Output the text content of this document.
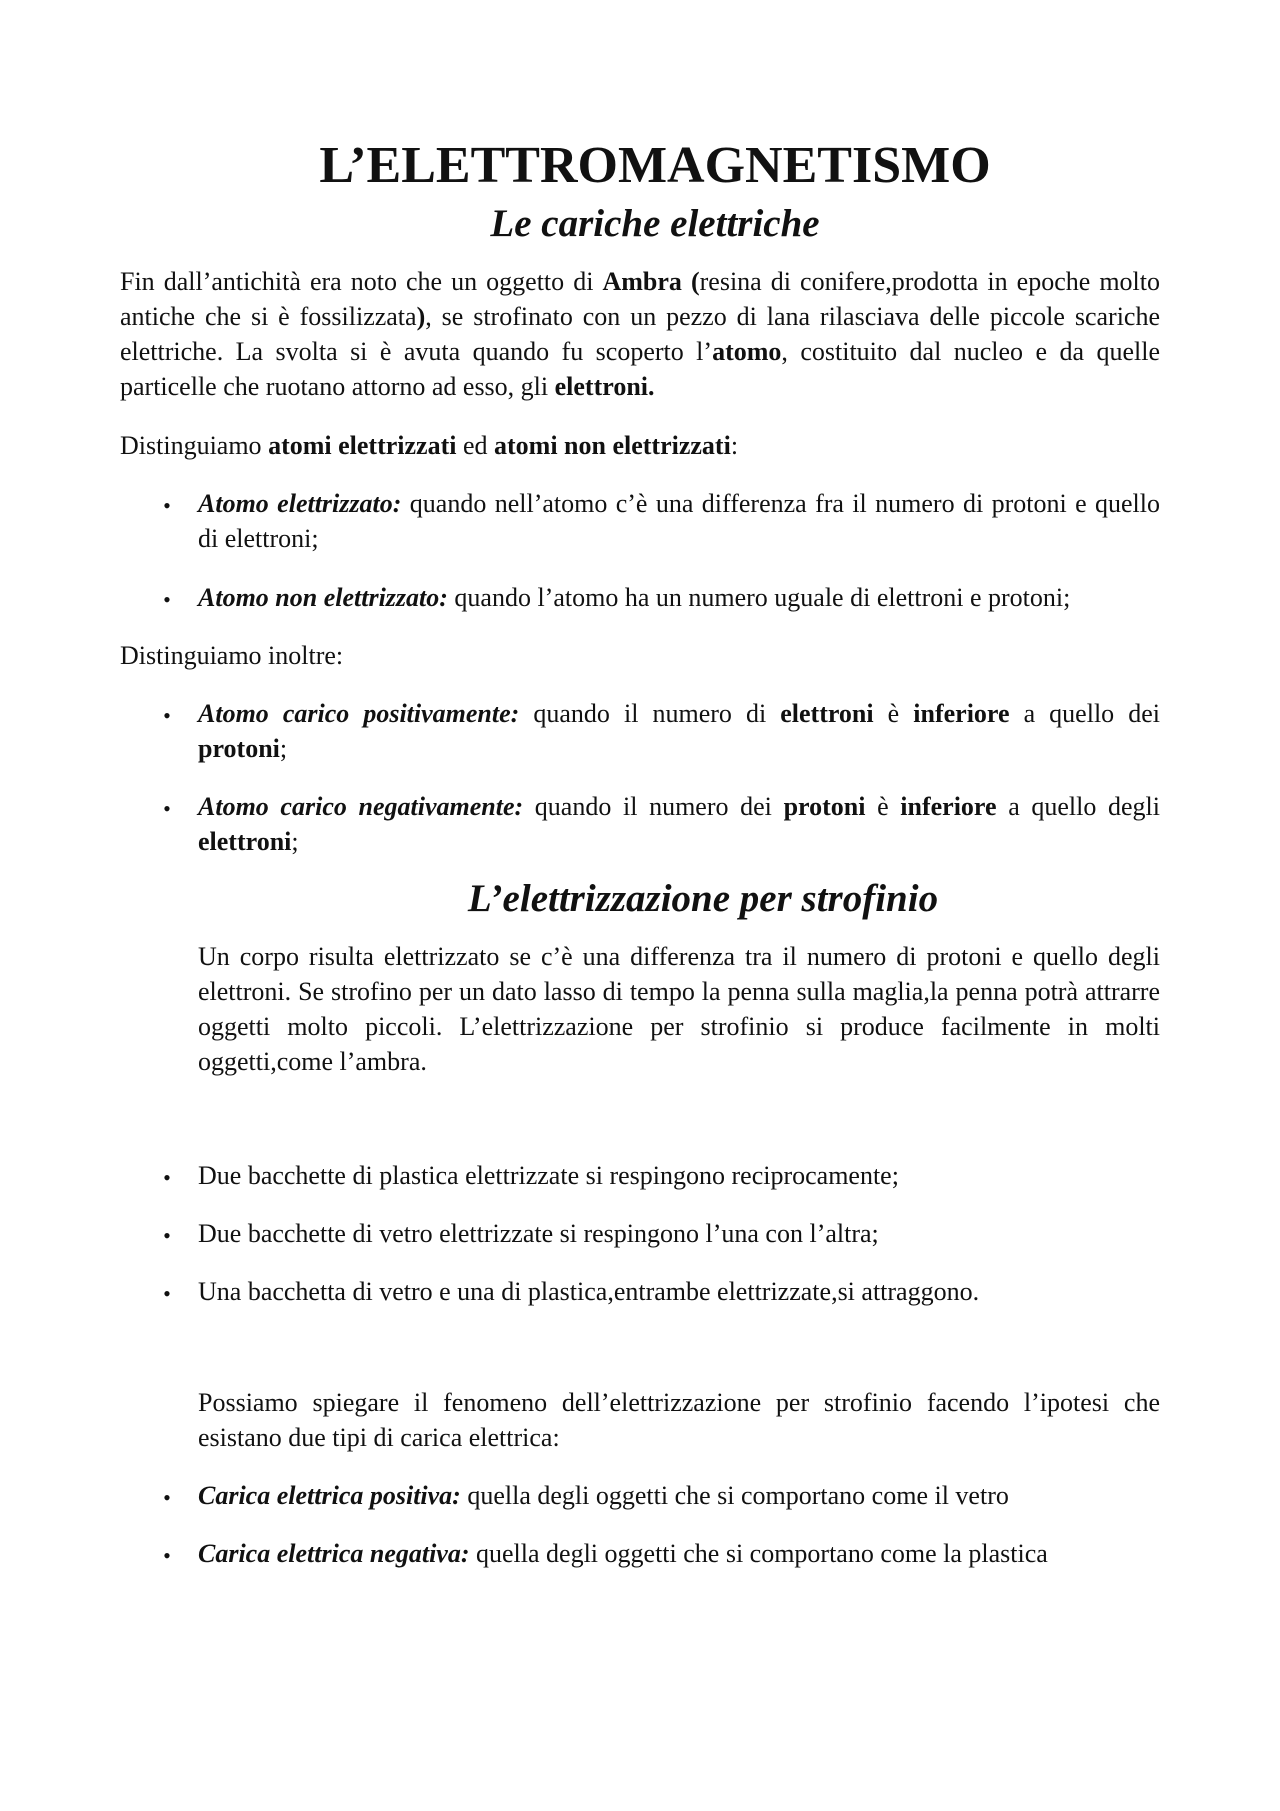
L’ELETTROMAGNETISMO
Le cariche elettriche

Fin dall’antichità era noto che un oggetto di Ambra (resina di conifere,prodotta in epoche molto antiche che si è fossilizzata), se strofinato con un pezzo di lana rilasciava delle piccole scariche elettriche. La svolta si è avuta quando fu scoperto l’atomo, costituito dal nucleo e da quelle particelle che ruotano attorno ad esso, gli elettroni.

Distinguiamo atomi elettrizzati ed atomi non elettrizzati:

• Atomo elettrizzato: quando nell’atomo c’è una differenza fra il numero di protoni e quello di elettroni;

• Atomo non elettrizzato: quando l’atomo ha un numero uguale di elettroni e protoni;

Distinguiamo inoltre:

• Atomo carico positivamente: quando il numero di elettroni è inferiore a quello dei protoni;

• Atomo carico negativamente: quando il numero dei protoni è inferiore a quello degli elettroni;

L’elettrizzazione per strofinio

Un corpo risulta elettrizzato se c’è una differenza tra il numero di protoni e quello degli elettroni. Se strofino per un dato lasso di tempo la penna sulla maglia,la penna potrà attrarre oggetti molto piccoli. L’elettrizzazione per strofinio si produce facilmente in molti oggetti,come l’ambra.

• Due bacchette di plastica elettrizzate si respingono reciprocamente;

• Due bacchette di vetro elettrizzate si respingono l’una con l’altra;

• Una bacchetta di vetro e una di plastica,entrambe elettrizzate,si attraggono.

Possiamo spiegare il fenomeno dell’elettrizzazione per strofinio facendo l’ipotesi che esistano due tipi di carica elettrica:

• Carica elettrica positiva: quella degli oggetti che si comportano come il vetro

• Carica elettrica negativa: quella degli oggetti che si comportano come la plastica
